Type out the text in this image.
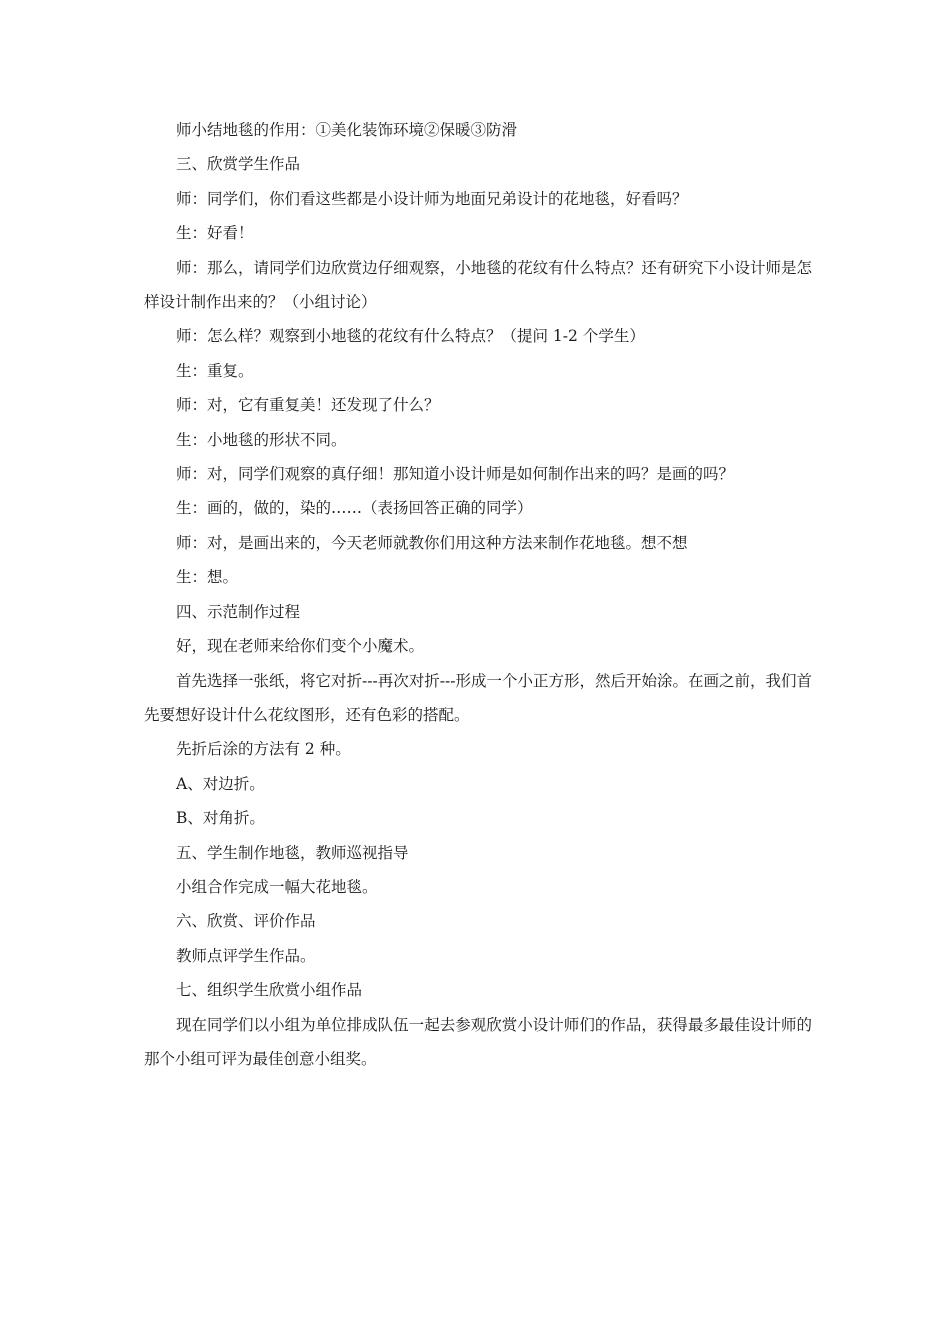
师小结地毯的作用：①美化装饰环境②保暖③防滑

三、欣赏学生作品

师：同学们，你们看这些都是小设计师为地面兄弟设计的花地毯，好看吗？

生：好看！

师：那么，请同学们边欣赏边仔细观察，小地毯的花纹有什么特点？还有研究下小设计师是怎样设计制作出来的？（小组讨论）

师：怎么样？观察到小地毯的花纹有什么特点？（提问 1-2 个学生）

生：重复。

师：对，它有重复美！还发现了什么？

生：小地毯的形状不同。

师：对，同学们观察的真仔细！那知道小设计师是如何制作出来的吗？是画的吗？

生：画的，做的，染的……（表扬回答正确的同学）

师：对，是画出来的，今天老师就教你们用这种方法来制作花地毯。想不想

生：想。

四、示范制作过程

好，现在老师来给你们变个小魔术。

首先选择一张纸，将它对折---再次对折---形成一个小正方形，然后开始涂。在画之前，我们首先要想好设计什么花纹图形，还有色彩的搭配。

先折后涂的方法有 2 种。

A、对边折。

B、对角折。

五、学生制作地毯，教师巡视指导

小组合作完成一幅大花地毯。

六、欣赏、评价作品

教师点评学生作品。

七、组织学生欣赏小组作品

现在同学们以小组为单位排成队伍一起去参观欣赏小设计师们的作品，获得最多最佳设计师的那个小组可评为最佳创意小组奖。
